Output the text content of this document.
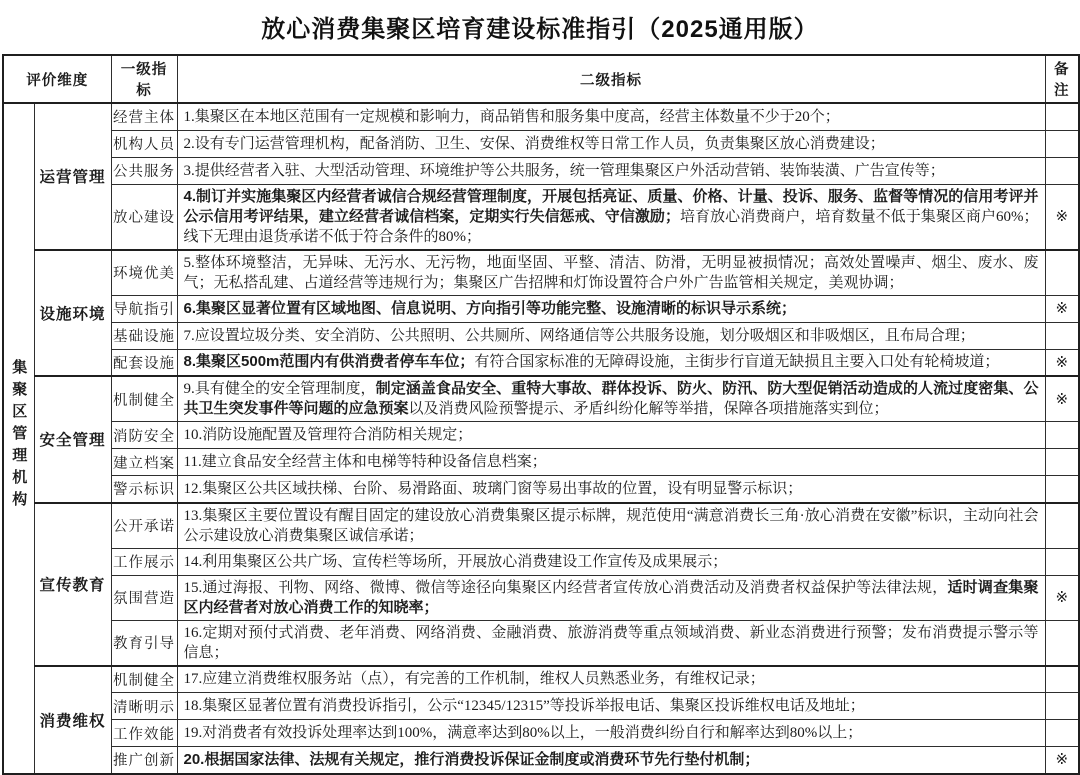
放心消费集聚区培育建设标准指引（2025通用版）
评价维度		一级指标	二级指标	备注
集聚区管理机构	运营管理	经营主体	1.集聚区在本地区范围有一定规模和影响力，商品销售和服务集中度高，经营主体数量不少于20个；	
		机构人员	2.设有专门运营管理机构，配备消防、卫生、安保、消费维权等日常工作人员，负责集聚区放心消费建设；	
		公共服务	3.提供经营者入驻、大型活动管理、环境维护等公共服务，统一管理集聚区户外活动营销、装饰装潢、广告宣传等；	
		放心建设	4.制订并实施集聚区内经营者诚信合规经营管理制度，开展包括亮证、质量、价格、计量、投诉、服务、监督等情况的信用考评并公示信用考评结果，建立经营者诚信档案，定期实行失信惩戒、守信激励；培育放心消费商户，培育数量不低于集聚区商户60%；线下无理由退货承诺不低于符合条件的80%；	※
	设施环境	环境优美	5.整体环境整洁，无异味、无污水、无污物，地面坚固、平整、清洁、防滑，无明显被损情况；高效处置噪声、烟尘、废水、废气；无私搭乱建、占道经营等违规行为；集聚区广告招牌和灯饰设置符合户外广告监管相关规定，美观协调；	
		导航指引	6.集聚区显著位置有区域地图、信息说明、方向指引等功能完整、设施清晰的标识导示系统；	※
		基础设施	7.应设置垃圾分类、安全消防、公共照明、公共厕所、网络通信等公共服务设施，划分吸烟区和非吸烟区，且布局合理；	
		配套设施	8.集聚区500m范围内有供消费者停车车位；有符合国家标准的无障碍设施，主街步行盲道无缺损且主要入口处有轮椅坡道；	※
	安全管理	机制健全	9.具有健全的安全管理制度，制定涵盖食品安全、重特大事故、群体投诉、防火、防汛、防大型促销活动造成的人流过度密集、公共卫生突发事件等问题的应急预案以及消费风险预警提示、矛盾纠纷化解等举措，保障各项措施落实到位；	※
		消防安全	10.消防设施配置及管理符合消防相关规定；	
		建立档案	11.建立食品安全经营主体和电梯等特种设备信息档案；	
		警示标识	12.集聚区公共区域扶梯、台阶、易滑路面、玻璃门窗等易出事故的位置，设有明显警示标识；	
	宣传教育	公开承诺	13.集聚区主要位置设有醒目固定的建设放心消费集聚区提示标牌，规范使用“满意消费长三角·放心消费在安徽”标识，主动向社会公示建设放心消费集聚区诚信承诺；	
		工作展示	14.利用集聚区公共广场、宣传栏等场所，开展放心消费建设工作宣传及成果展示；	
		氛围营造	15.通过海报、刊物、网络、微博、微信等途径向集聚区内经营者宣传放心消费活动及消费者权益保护等法律法规，适时调查集聚区内经营者对放心消费工作的知晓率；	※
		教育引导	16.定期对预付式消费、老年消费、网络消费、金融消费、旅游消费等重点领域消费、新业态消费进行预警；发布消费提示警示等信息；	
	消费维权	机制健全	17.应建立消费维权服务站（点），有完善的工作机制，维权人员熟悉业务，有维权记录；	
		清晰明示	18.集聚区显著位置有消费投诉指引，公示“12345/12315”等投诉举报电话、集聚区投诉维权电话及地址；	
		工作效能	19.对消费者有效投诉处理率达到100%，满意率达到80%以上，一般消费纠纷自行和解率达到80%以上；	
		推广创新	20.根据国家法律、法规有关规定，推行消费投诉保证金制度或消费环节先行垫付机制；	※
